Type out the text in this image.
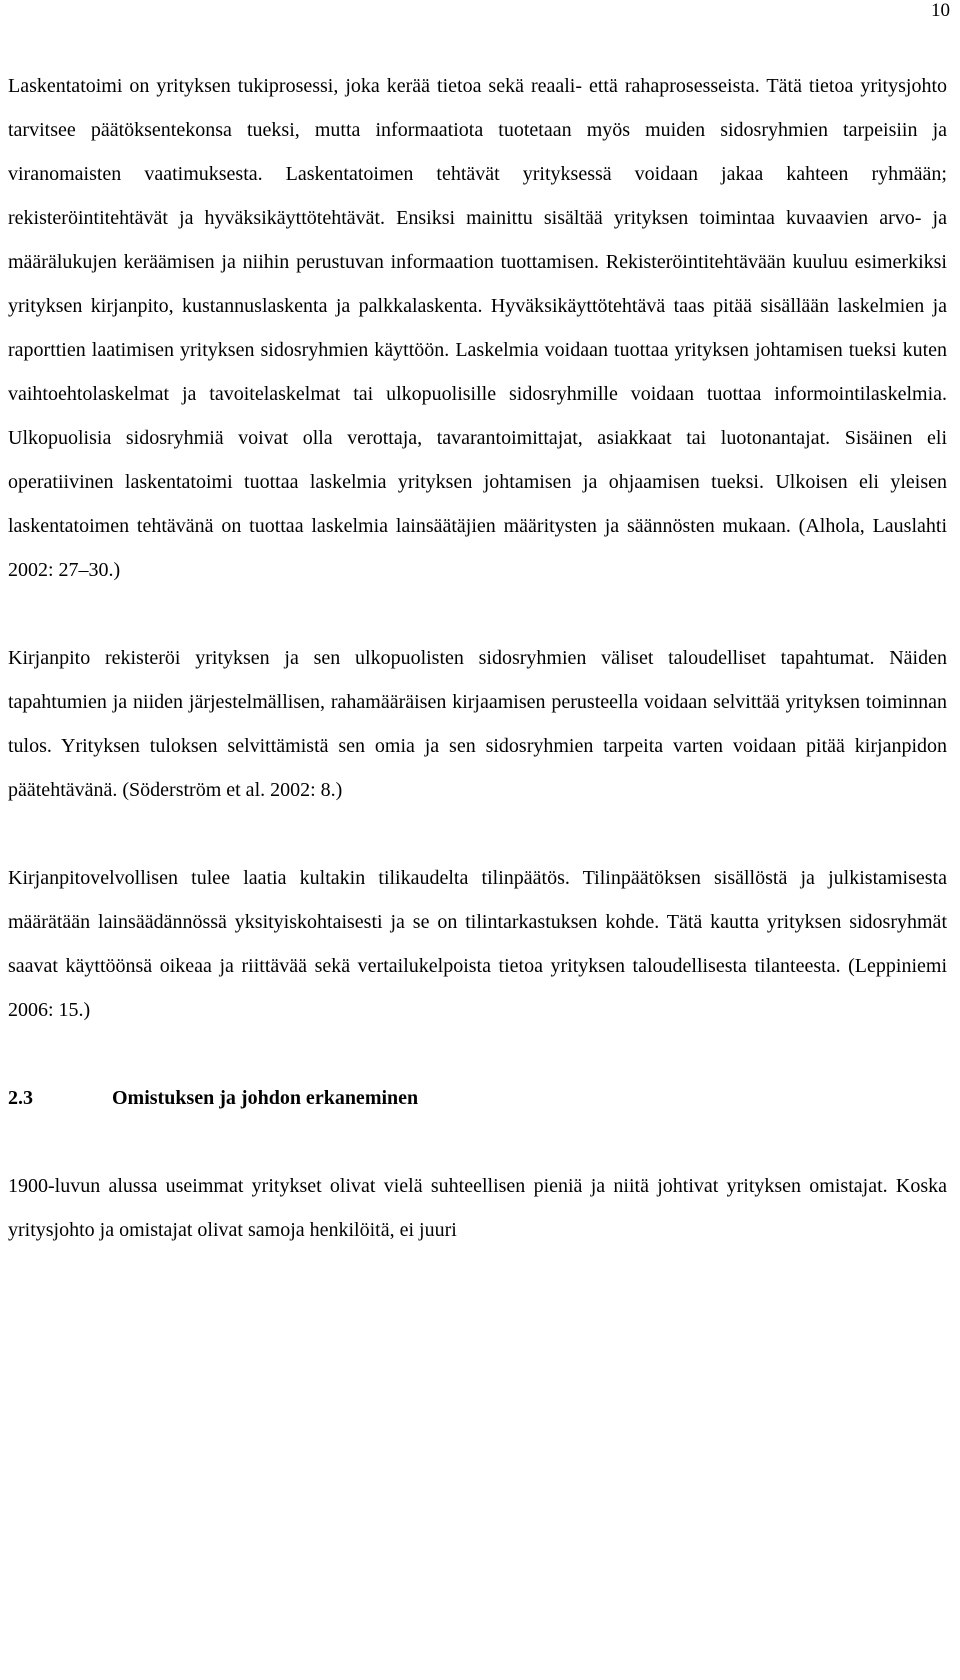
10

Laskentatoimi on yrityksen tukiprosessi, joka kerää tietoa sekä reaali- että rahaprosesseista. Tätä tietoa yritysjohto tarvitsee päätöksentekonsa tueksi, mutta informaatiota tuotetaan myös muiden sidosryhmien tarpeisiin ja viranomaisten vaatimuksesta. Laskentatoimen tehtävät yrityksessä voidaan jakaa kahteen ryhmään; rekisteröintitehtävät ja hyväksikäyttötehtävät. Ensiksi mainittu sisältää yrityksen toimintaa kuvaavien arvo- ja määrälukujen keräämisen ja niihin perustuvan informaation tuottamisen. Rekisteröintitehtävään kuuluu esimerkiksi yrityksen kirjanpito, kustannuslaskenta ja palkkalaskenta. Hyväksikäyttötehtävä taas pitää sisällään laskelmien ja raporttien laatimisen yrityksen sidosryhmien käyttöön. Laskelmia voidaan tuottaa yrityksen johtamisen tueksi kuten vaihtoehtolaskelmat ja tavoitelaskelmat tai ulkopuolisille sidosryhmille voidaan tuottaa informointilaskelmia. Ulkopuolisia sidosryhmiä voivat olla verottaja, tavarantoimittajat, asiakkaat tai luotonantajat. Sisäinen eli operatiivinen laskentatoimi tuottaa laskelmia yrityksen johtamisen ja ohjaamisen tueksi. Ulkoisen eli yleisen laskentatoimen tehtävänä on tuottaa laskelmia lainsäätäjien määritysten ja säännösten mukaan. (Alhola, Lauslahti 2002: 27–30.)

Kirjanpito rekisteröi yrityksen ja sen ulkopuolisten sidosryhmien väliset taloudelliset tapahtumat. Näiden tapahtumien ja niiden järjestelmällisen, rahamääräisen kirjaamisen perusteella voidaan selvittää yrityksen toiminnan tulos. Yrityksen tuloksen selvittämistä sen omia ja sen sidosryhmien tarpeita varten voidaan pitää kirjanpidon päätehtävänä. (Söderström et al. 2002: 8.)

Kirjanpitovelvollisen tulee laatia kultakin tilikaudelta tilinpäätös. Tilinpäätöksen sisällöstä ja julkistamisesta määrätään lainsäädännössä yksityiskohtaisesti ja se on tilintarkastuksen kohde. Tätä kautta yrityksen sidosryhmät saavat käyttöönsä oikeaa ja riittävää sekä vertailukelpoista tietoa yrityksen taloudellisesta tilanteesta. (Leppiniemi 2006: 15.)

2.3	Omistuksen ja johdon erkaneminen

1900-luvun alussa useimmat yritykset olivat vielä suhteellisen pieniä ja niitä johtivat yrityksen omistajat. Koska yritysjohto ja omistajat olivat samoja henkilöitä, ei juuri
